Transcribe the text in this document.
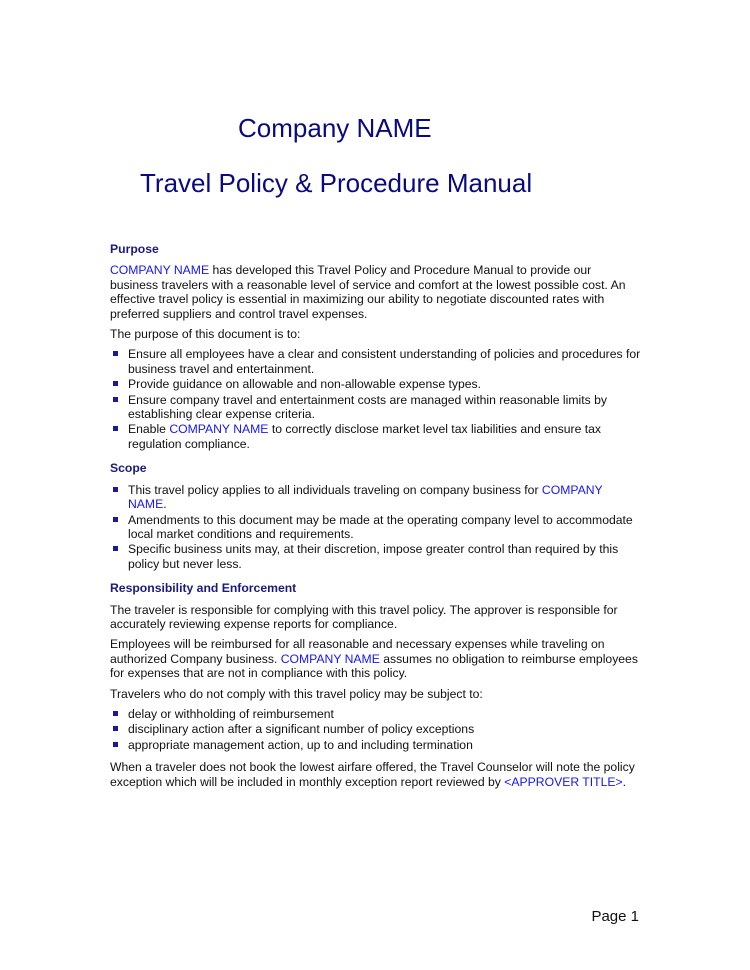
Company NAME
Travel Policy & Procedure Manual
Purpose

COMPANY NAME has developed this Travel Policy and Procedure Manual to provide our business travelers with a reasonable level of service and comfort at the lowest possible cost. An effective travel policy is essential in maximizing our ability to negotiate discounted rates with preferred suppliers and control travel expenses.

The purpose of this document is to:

Ensure all employees have a clear and consistent understanding of policies and procedures for business travel and entertainment.
Provide guidance on allowable and non-allowable expense types.
Ensure company travel and entertainment costs are managed within reasonable limits by establishing clear expense criteria.
Enable COMPANY NAME to correctly disclose market level tax liabilities and ensure tax regulation compliance.
Scope
This travel policy applies to all individuals traveling on company business for COMPANY NAME.
Amendments to this document may be made at the operating company level to accommodate local market conditions and requirements.
Specific business units may, at their discretion, impose greater control than required by this policy but never less.
Responsibility and Enforcement

The traveler is responsible for complying with this travel policy. The approver is responsible for accurately reviewing expense reports for compliance.

Employees will be reimbursed for all reasonable and necessary expenses while traveling on authorized Company business. COMPANY NAME assumes no obligation to reimburse employees for expenses that are not in compliance with this policy.

Travelers who do not comply with this travel policy may be subject to:

delay or withholding of reimbursement
disciplinary action after a significant number of policy exceptions
appropriate management action, up to and including termination

When a traveler does not book the lowest airfare offered, the Travel Counselor will note the policy exception which will be included in monthly exception report reviewed by <APPROVER TITLE>.

Page 1
